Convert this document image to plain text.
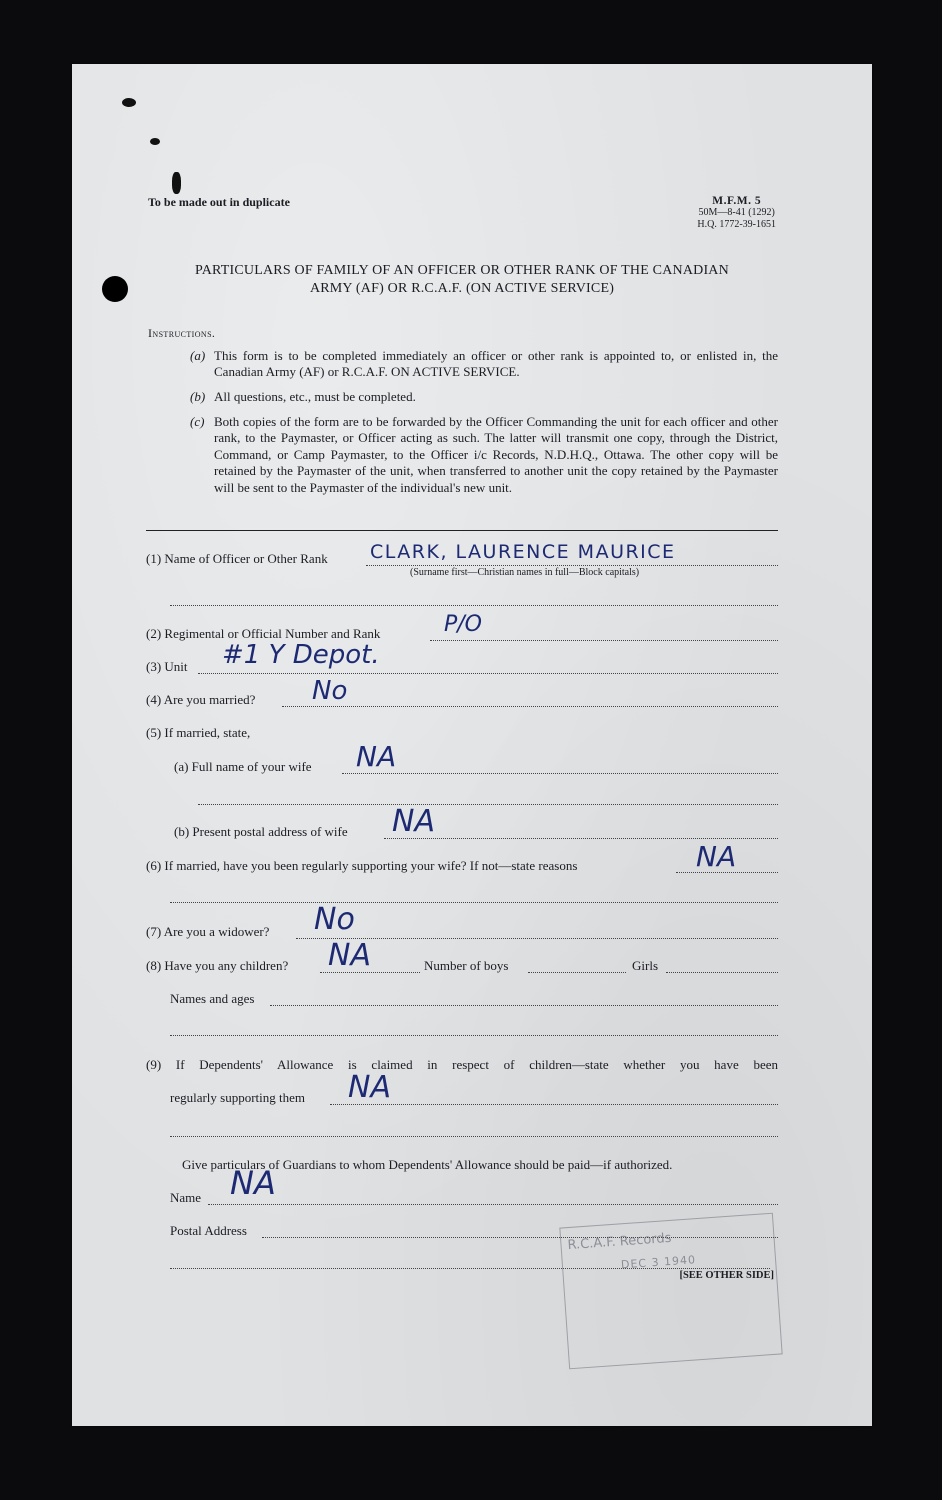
To be made out in duplicate	M.F.M. 5
50M—8-41 (1292)
H.Q. 1772-39-1651
PARTICULARS OF FAMILY OF AN OFFICER OR OTHER RANK OF THE CANADIAN
ARMY (AF) OR R.C.A.F. (ON ACTIVE SERVICE)
Instructions.
(a) This form is to be completed immediately an officer or other rank is appointed to, or enlisted in, the Canadian Army (AF) or R.C.A.F. ON ACTIVE SERVICE.
(b) All questions, etc., must be completed.
(c) Both copies of the form are to be forwarded by the Officer Commanding the unit for each officer and other rank, to the Paymaster, or Officer acting as such. The latter will transmit one copy, through the District, Command, or Camp Paymaster, to the Officer i/c Records, N.D.H.Q., Ottawa. The other copy will be retained by the Paymaster of the unit, when transferred to another unit the copy retained by the Paymaster will be sent to the Paymaster of the individual's new unit.
(1) Name of Officer or Other Rank CLARK, LAURENCE MAURICE
(Surname first—Christian names in full—Block capitals)
(2) Regimental or Official Number and Rank	P/O
(3) Unit #1 Y Depot.
(4) Are you married? No
(5) If married, state,
(a) Full name of your wife NA
(b) Present postal address of wife NA
(6) If married, have you been regularly supporting your wife? If not—state reasons	NA
(7) Are you a widower? No
(8) Have you any children? NA	Number of boys	Girls
Names and ages
(9) If Dependents' Allowance is claimed in respect of children—state whether you have been
regularly supporting them NA
Give particulars of Guardians to whom Dependents' Allowance should be paid—if authorized.
Name NA
Postal Address
R.C.A.F. Records
DEC 3 1940
[SEE OTHER SIDE]
